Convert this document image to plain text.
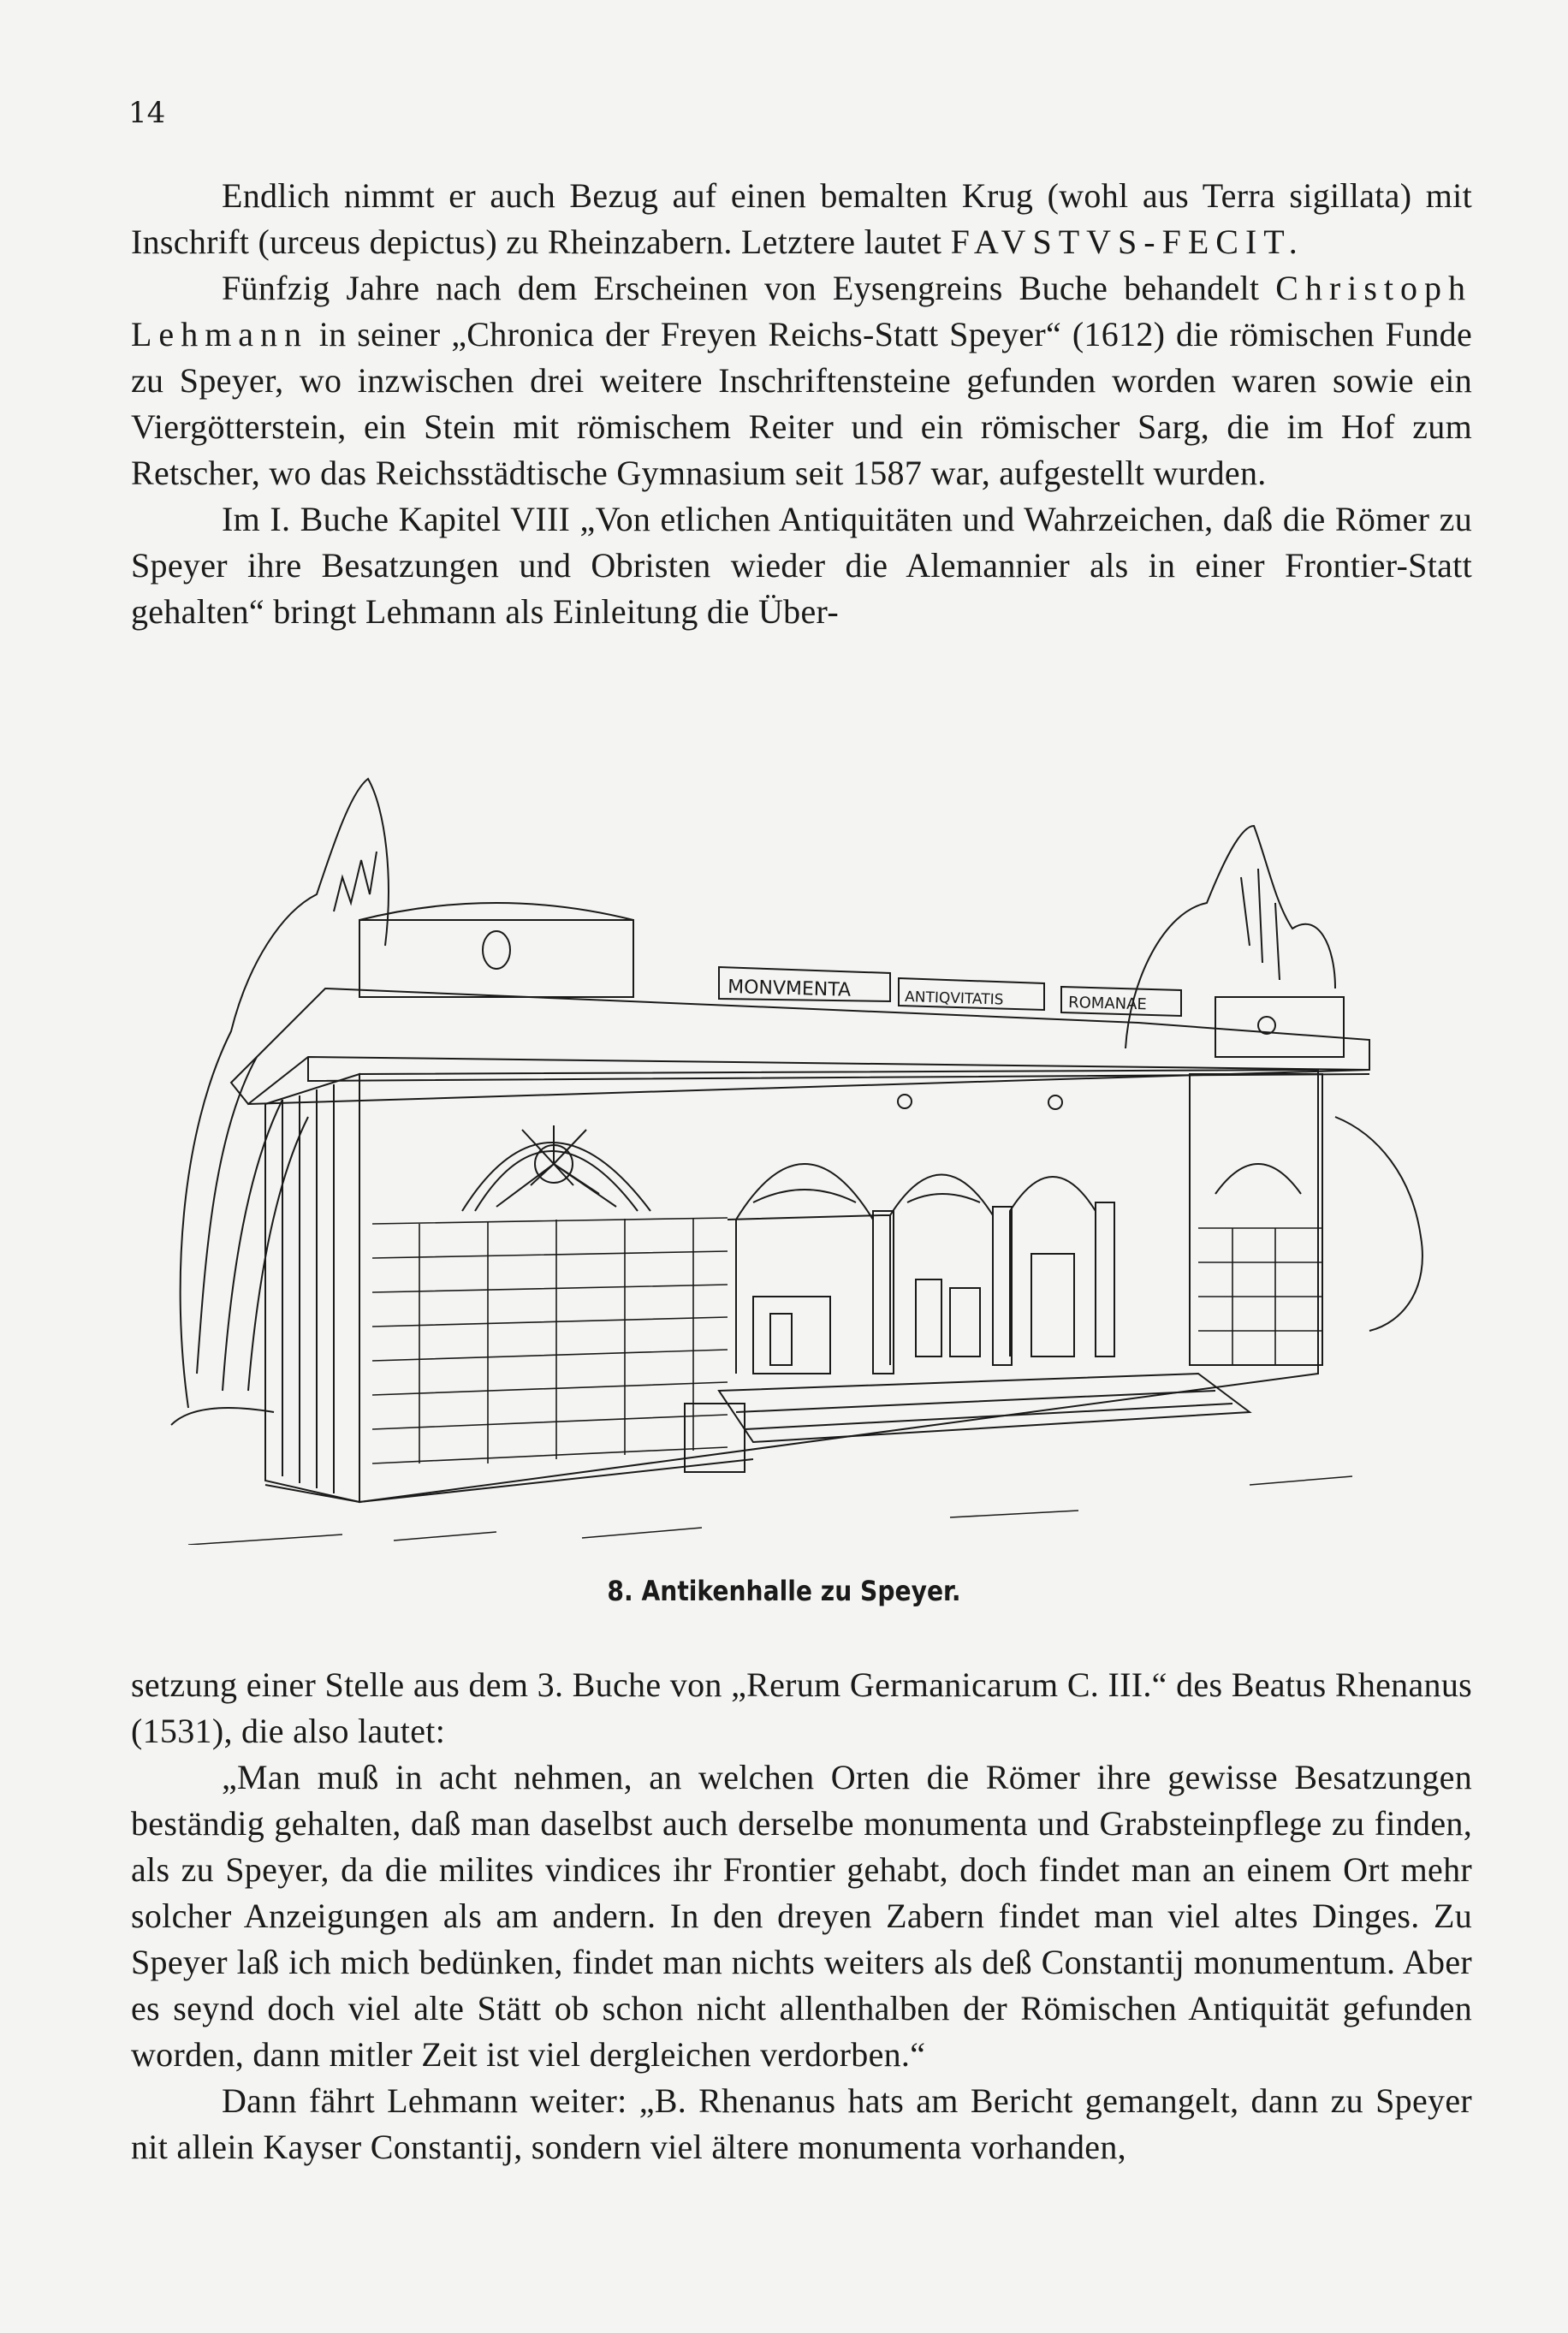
14

Endlich nimmt er auch Bezug auf einen bemalten Krug (wohl aus Terra sigillata) mit Inschrift (urceus depictus) zu Rheinzabern. Letztere lautet FAVSTVS-FECIT.

Fünfzig Jahre nach dem Erscheinen von Eysengreins Buche behandelt Christoph Lehmann in seiner „Chronica der Freyen Reichs-Statt Speyer“ (1612) die römischen Funde zu Speyer, wo inzwischen drei weitere Inschriftensteine gefunden worden waren sowie ein Viergötterstein, ein Stein mit römischem Reiter und ein römischer Sarg, die im Hof zum Retscher, wo das Reichsstädtische Gymnasium seit 1587 war, aufgestellt wurden.

Im I. Buche Kapitel VIII „Von etlichen Antiquitäten und Wahrzeichen, daß die Römer zu Speyer ihre Besatzungen und Obristen wieder die Alemannier als in einer Frontier-Statt gehalten“ bringt Lehmann als Einleitung die Über-

MONVMENTA	ANTIQVITATIS	ROMANAE
8. Antikenhalle zu Speyer.

setzung einer Stelle aus dem 3. Buche von „Rerum Germanicarum C. III.“ des Beatus Rhenanus (1531), die also lautet:

„Man muß in acht nehmen, an welchen Orten die Römer ihre gewisse Besatzungen beständig gehalten, daß man daselbst auch derselbe monumenta und Grabsteinpflege zu finden, als zu Speyer, da die milites vindices ihr Frontier gehabt, doch findet man an einem Ort mehr solcher Anzeigungen als am andern. In den dreyen Zabern findet man viel altes Dinges. Zu Speyer laß ich mich bedünken, findet man nichts weiters als deß Constantij monumentum. Aber es seynd doch viel alte Stätt ob schon nicht allenthalben der Römischen Antiquität gefunden worden, dann mitler Zeit ist viel dergleichen verdorben.“

Dann fährt Lehmann weiter: „B. Rhenanus hats am Bericht gemangelt, dann zu Speyer nit allein Kayser Constantij, sondern viel ältere monumenta vorhanden,
